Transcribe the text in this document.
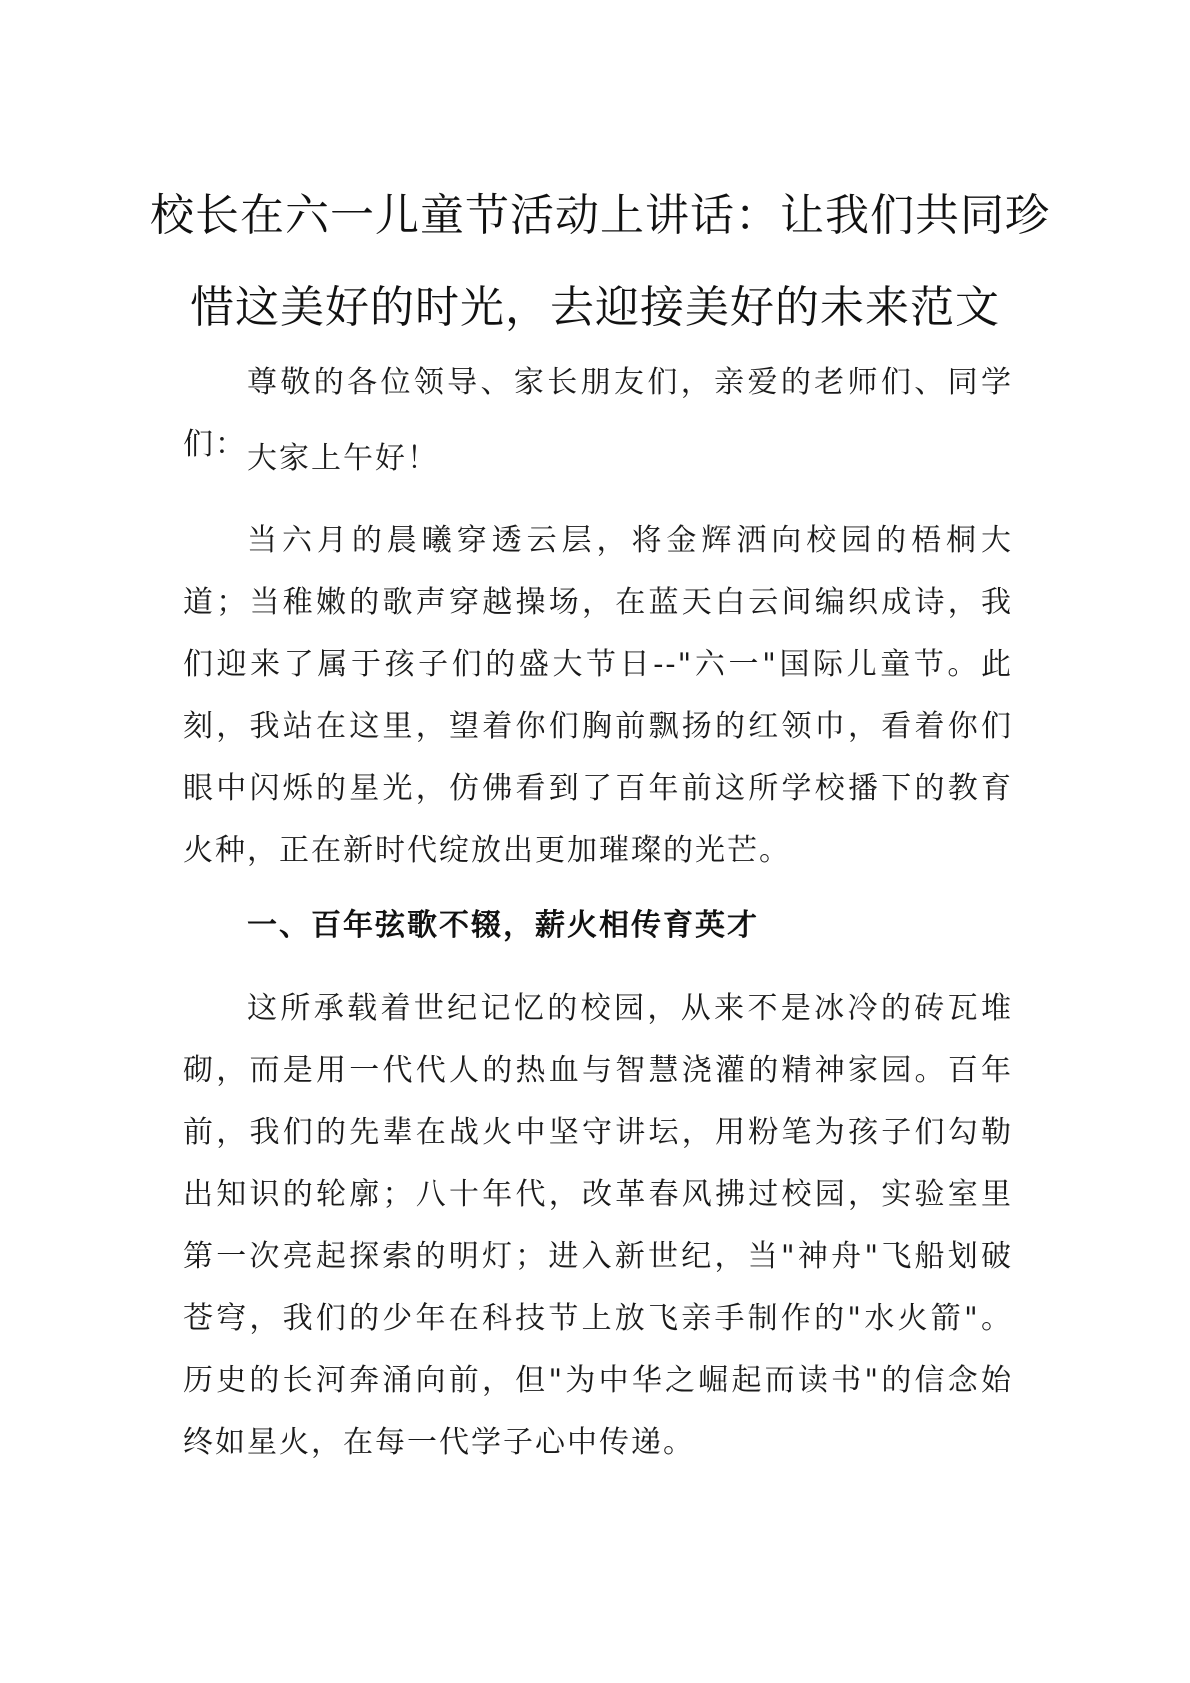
校长在六一儿童节活动上讲话：让我们共同珍
惜这美好的时光，去迎接美好的未来范文

尊敬的各位领导、家长朋友们，亲爱的老师们、同学们： 大家上午好！

当六月的晨曦穿透云层，将金辉洒向校园的梧桐大道；当稚嫩的歌声穿越操场，在蓝天白云间编织成诗，我们迎来了属于孩子们的盛大节日--"六一"国际儿童节。此刻，我站在这里，望着你们胸前飘扬的红领巾，看着你们眼中闪烁的星光，仿佛看到了百年前这所学校播下的教育火种，正在新时代绽放出更加璀璨的光芒。

一、百年弦歌不辍，薪火相传育英才

这所承载着世纪记忆的校园，从来不是冰冷的砖瓦堆砌，而是用一代代人的热血与智慧浇灌的精神家园。百年前，我们的先辈在战火中坚守讲坛，用粉笔为孩子们勾勒出知识的轮廓；八十年代，改革春风拂过校园，实验室里第一次亮起探索的明灯；进入新世纪，当"神舟"飞船划破苍穹，我们的少年在科技节上放飞亲手制作的"水火箭"。历史的长河奔涌向前，但"为中华之崛起而读书"的信念始终如星火，在每一代学子心中传递。
